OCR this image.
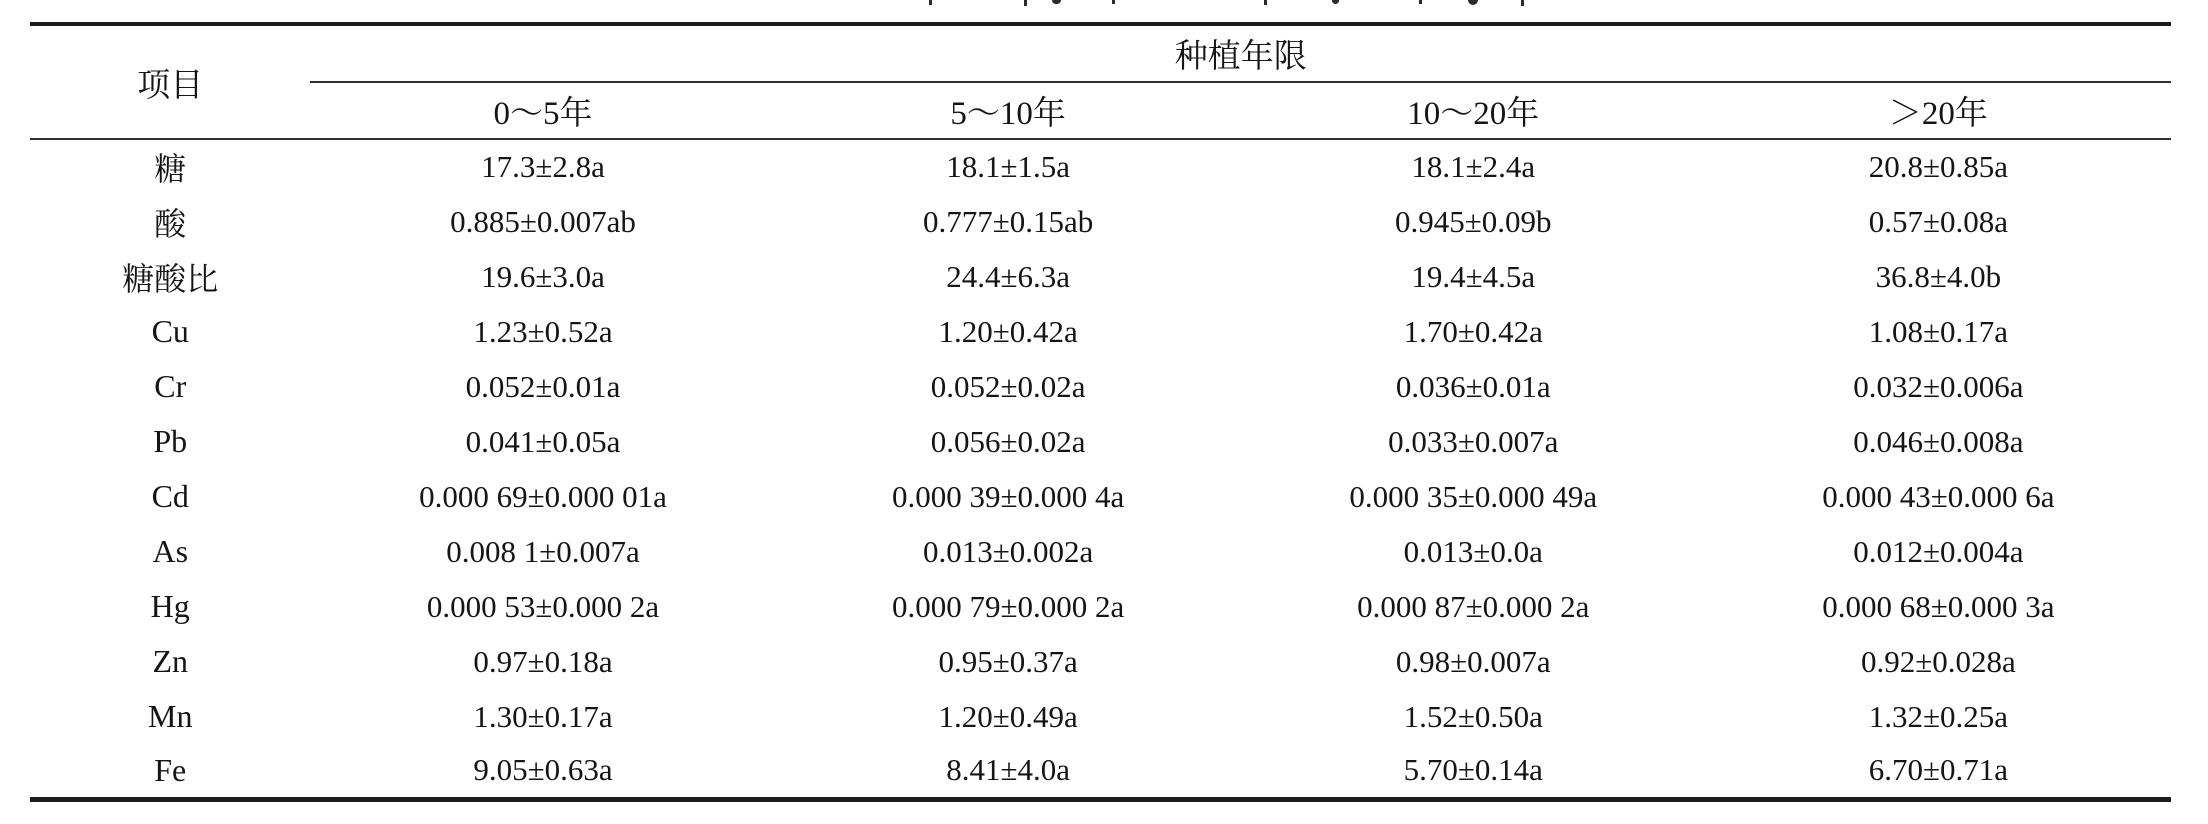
项目	种植年限			
	0～5年	5～10年	10～20年	＞20年
糖	17.3±2.8a	18.1±1.5a	18.1±2.4a	20.8±0.85a
酸	0.885±0.007ab	0.777±0.15ab	0.945±0.09b	0.57±0.08a
糖酸比	19.6±3.0a	24.4±6.3a	19.4±4.5a	36.8±4.0b
Cu	1.23±0.52a	1.20±0.42a	1.70±0.42a	1.08±0.17a
Cr	0.052±0.01a	0.052±0.02a	0.036±0.01a	0.032±0.006a
Pb	0.041±0.05a	0.056±0.02a	0.033±0.007a	0.046±0.008a
Cd	0.000 69±0.000 01a	0.000 39±0.000 4a	0.000 35±0.000 49a	0.000 43±0.000 6a
As	0.008 1±0.007a	0.013±0.002a	0.013±0.0a	0.012±0.004a
Hg	0.000 53±0.000 2a	0.000 79±0.000 2a	0.000 87±0.000 2a	0.000 68±0.000 3a
Zn	0.97±0.18a	0.95±0.37a	0.98±0.007a	0.92±0.028a
Mn	1.30±0.17a	1.20±0.49a	1.52±0.50a	1.32±0.25a
Fe	9.05±0.63a	8.41±4.0a	5.70±0.14a	6.70±0.71a
